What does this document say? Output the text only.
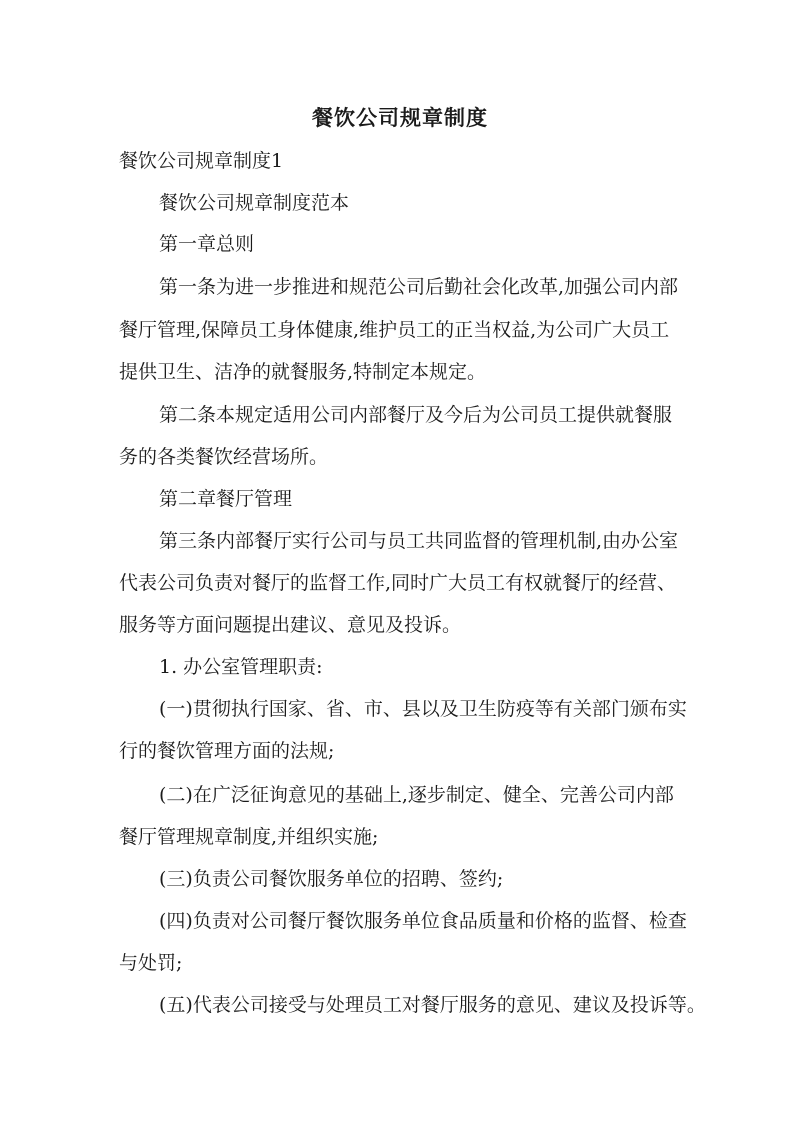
餐饮公司规章制度

餐饮公司规章制度1

餐饮公司规章制度范本

第一章总则

第一条为进一步推进和规范公司后勤社会化改革,加强公司内部

餐厅管理,保障员工身体健康,维护员工的正当权益,为公司广大员工

提供卫生、洁净的就餐服务,特制定本规定。

第二条本规定适用公司内部餐厅及今后为公司员工提供就餐服

务的各类餐饮经营场所。

第二章餐厅管理

第三条内部餐厅实行公司与员工共同监督的管理机制,由办公室

代表公司负责对餐厅的监督工作,同时广大员工有权就餐厅的经营、

服务等方面问题提出建议、意见及投诉。

1. 办公室管理职责:

(一)贯彻执行国家、省、市、县以及卫生防疫等有关部门颁布实

行的餐饮管理方面的法规;

(二)在广泛征询意见的基础上,逐步制定、健全、完善公司内部

餐厅管理规章制度,并组织实施;

(三)负责公司餐饮服务单位的招聘、签约;

(四)负责对公司餐厅餐饮服务单位食品质量和价格的监督、检查

与处罚;

(五)代表公司接受与处理员工对餐厅服务的意见、建议及投诉等。
